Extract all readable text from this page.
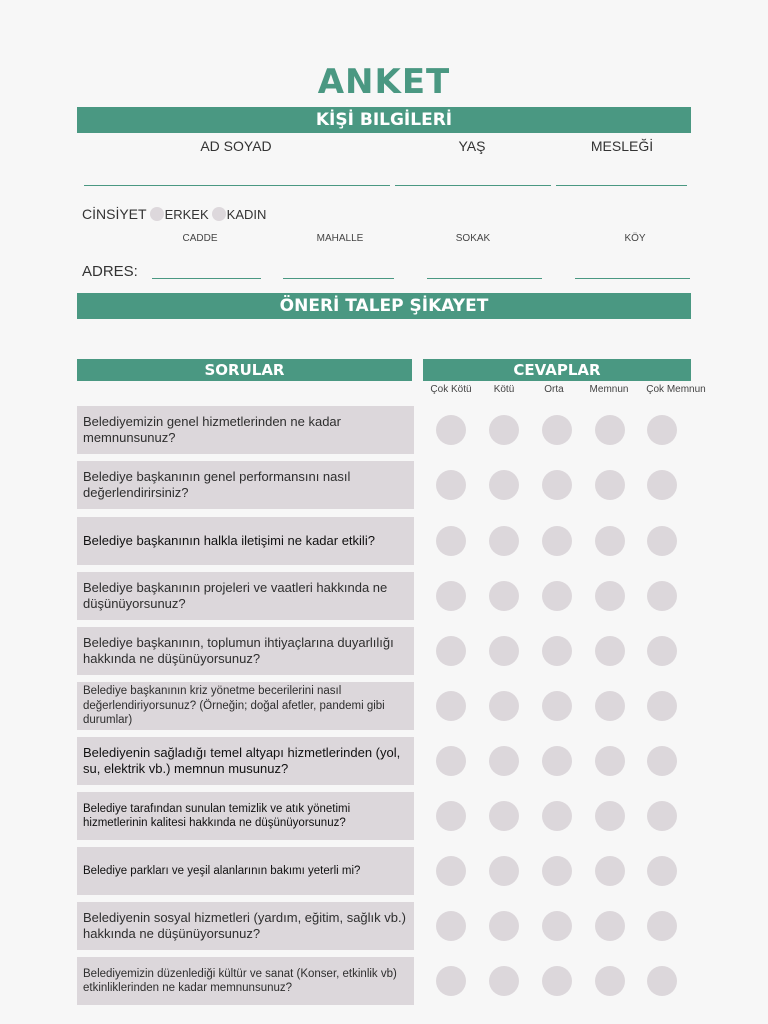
ANKET
KİŞİ BILGİLERİ
AD SOYAD	YAŞ	MESLEĞİ
CİNSİYET ERKEK KADIN
CADDE	MAHALLE	SOKAK	KÖY
ADRES:
ÖNERİ TALEP ŞİKAYET
SORULAR	CEVAPLAR
Çok Kötü	Kötü	Orta	Memnun	Çok Memnun
Belediyemizin genel hizmetlerinden ne kadar memnunsunuz?
Belediye başkanının genel performansını nasıl değerlendirirsiniz?
Belediye başkanının halkla iletişimi ne kadar etkili?
Belediye başkanının projeleri ve vaatleri hakkında ne düşünüyorsunuz?
Belediye başkanının, toplumun ihtiyaçlarına duyarlılığı hakkında ne düşünüyorsunuz?
Belediye başkanının kriz yönetme becerilerini nasıl değerlendiriyorsunuz? (Örneğin; doğal afetler, pandemi gibi durumlar)
Belediyenin sağladığı temel altyapı hizmetlerinden (yol, su, elektrik vb.) memnun musunuz?
Belediye tarafından sunulan temizlik ve atık yönetimi hizmetlerinin kalitesi hakkında ne düşünüyorsunuz?
Belediye parkları ve yeşil alanlarının bakımı yeterli mi?
Belediyenin sosyal hizmetleri (yardım, eğitim, sağlık vb.) hakkında ne düşünüyorsunuz?
Belediyemizin düzenlediği kültür ve sanat (Konser, etkinlik vb) etkinliklerinden ne kadar memnunsunuz?
